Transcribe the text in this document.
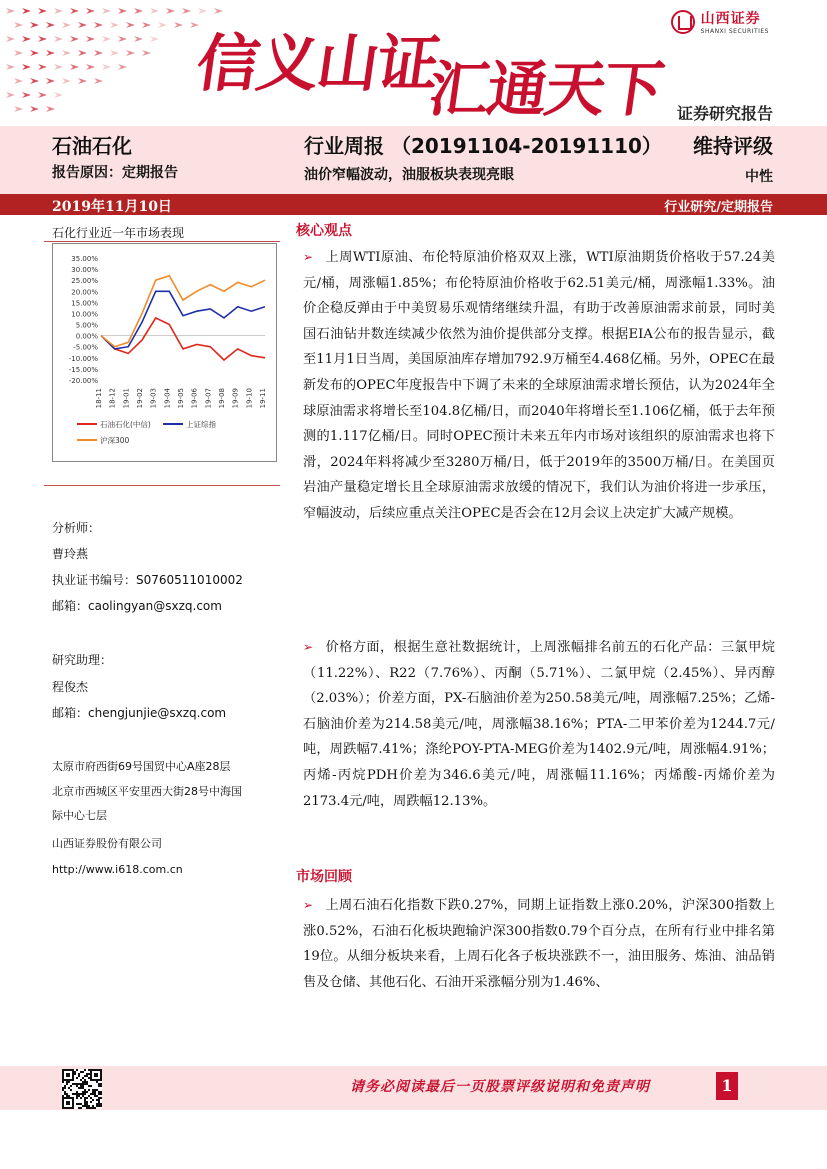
信义山证
汇通天下
山西证券
SHANXI SECURITIES
证券研究报告
石油石化
报告原因：定期报告
行业周报 （20191104-20191110）
油价窄幅波动，油服板块表现亮眼
维持评级
中性
2019年11月10日	行业研究/定期报告
石化行业近一年市场表现
35.00%
30.00%
25.00%
20.00%
15.00%
10.00%
5.00%
0.00%
-5.00%
-10.00%
-15.00%
-20.00%
18-11 18-12 19-01 19-02 19-03 19-04 19-05 19-06 19-07 19-08 19-09 19-10 19-11
石油石化(中信)	上证综指
沪深300
分析师：
曹玲燕
执业证书编号：S0760511010002
邮箱：caolingyan@sxzq.com
研究助理：
程俊杰
邮箱：chengjunjie@sxzq.com
太原市府西街69号国贸中心A座28层
北京市西城区平安里西大街28号中海国
际中心七层
山西证券股份有限公司
http://www.i618.com.cn
核心观点
➢ 上周WTI原油、布伦特原油价格双双上涨，WTI原油期货价格收于57.24美元/桶，周涨幅1.85%；布伦特原油价格收于62.51美元/桶，周涨幅1.33%。油价企稳反弹由于中美贸易乐观情绪继续升温，有助于改善原油需求前景，同时美国石油钻井数连续减少依然为油价提供部分支撑。根据EIA公布的报告显示，截至11月1日当周，美国原油库存增加792.9万桶至4.468亿桶。另外，OPEC在最新发布的OPEC年度报告中下调了未来的全球原油需求增长预估，认为2024年全球原油需求将增长至104.8亿桶/日，而2040年将增长至1.106亿桶，低于去年预测的1.117亿桶/日。同时OPEC预计未来五年内市场对该组织的原油需求也将下滑，2024年料将减少至3280万桶/日，低于2019年的3500万桶/日。在美国页岩油产量稳定增长且全球原油需求放缓的情况下，我们认为油价将进一步承压，窄幅波动，后续应重点关注OPEC是否会在12月会议上决定扩大减产规模。
➢ 价格方面，根据生意社数据统计，上周涨幅排名前五的石化产品：三氯甲烷（11.22%）、R22（7.76%）、丙酮（5.71%）、二氯甲烷（2.45%）、异丙醇（2.03%）；价差方面，PX-石脑油价差为250.58美元/吨，周涨幅7.25%；乙烯-石脑油价差为214.58美元/吨，周涨幅38.16%；PTA-二甲苯价差为1244.7元/吨，周跌幅7.41%；涤纶POY-PTA-MEG价差为1402.9元/吨，周涨幅4.91%；丙烯-丙烷PDH价差为346.6美元/吨，周涨幅11.16%；丙烯酸-丙烯价差为2173.4元/吨，周跌幅12.13%。
市场回顾
➢ 上周石油石化指数下跌0.27%，同期上证指数上涨0.20%，沪深300指数上涨0.52%，石油石化板块跑输沪深300指数0.79个百分点，在所有行业中排名第19位。从细分板块来看，上周石化各子板块涨跌不一，油田服务、炼油、油品销售及仓储、其他石化、石油开采涨幅分别为1.46%、
请务必阅读最后一页股票评级说明和免责声明	1
